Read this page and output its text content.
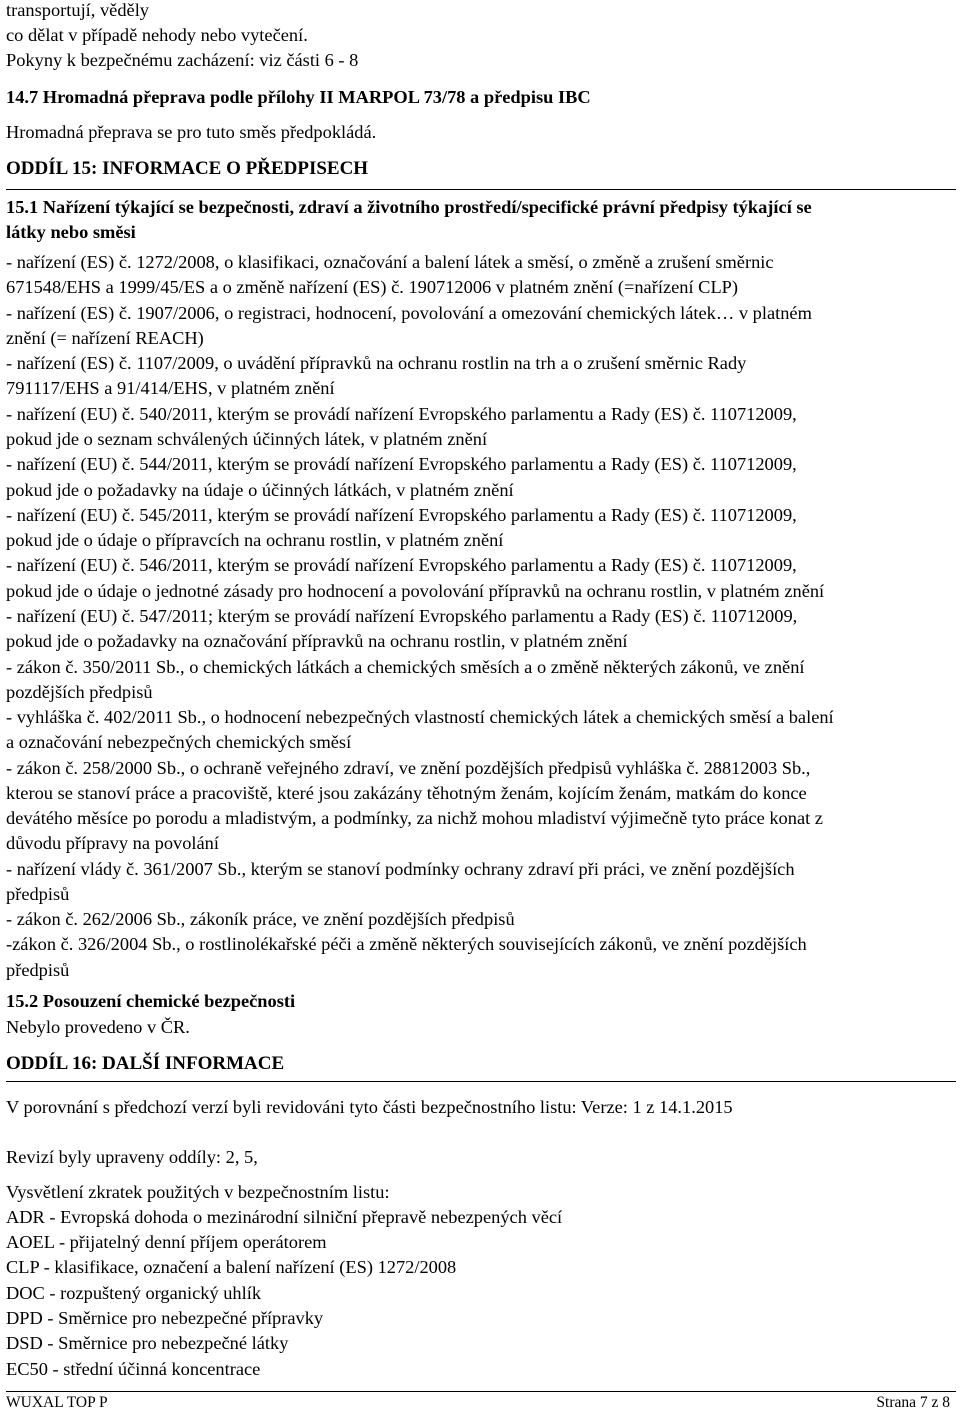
transportují, věděly
co dělat v případě nehody nebo vytečení.
Pokyny k bezpečnému zacházení: viz části 6 - 8
14.7 Hromadná přeprava podle přílohy II MARPOL 73/78 a předpisu IBC
Hromadná přeprava se pro tuto směs předpokládá.
ODDÍL 15: INFORMACE O PŘEDPISECH
15.1 Nařízení týkající se bezpečnosti, zdraví a životního prostředí/specifické právní předpisy týkající se
látky nebo směsi
- nařízení (ES) č. 1272/2008, o klasifikaci, označování a balení látek a směsí, o změně a zrušení směrnic
671548/EHS a 1999/45/ES a o změně nařízení (ES) č. 190712006 v platném znění (=nařízení CLP)
- nařízení (ES) č. 1907/2006, o registraci, hodnocení, povolování a omezování chemických látek… v platném
znění (= nařízení REACH)
- nařízení (ES) č. 1107/2009, o uvádění přípravků na ochranu rostlin na trh a o zrušení směrnic Rady
791117/EHS a 91/414/EHS, v platném znění
- nařízení (EU) č. 540/2011, kterým se provádí nařízení Evropského parlamentu a Rady (ES) č. 110712009,
pokud jde o seznam schválených účinných látek, v platném znění
- nařízení (EU) č. 544/2011, kterým se provádí nařízení Evropského parlamentu a Rady (ES) č. 110712009,
pokud jde o požadavky na údaje o účinných látkách, v platném znění
- nařízení (EU) č. 545/2011, kterým se provádí nařízení Evropského parlamentu a Rady (ES) č. 110712009,
pokud jde o údaje o přípravcích na ochranu rostlin, v platném znění
- nařízení (EU) č. 546/2011, kterým se provádí nařízení Evropského parlamentu a Rady (ES) č. 110712009,
pokud jde o údaje o jednotné zásady pro hodnocení a povolování přípravků na ochranu rostlin, v platném znění
- nařízení (EU) č. 547/2011; kterým se provádí nařízení Evropského parlamentu a Rady (ES) č. 110712009,
pokud jde o požadavky na označování přípravků na ochranu rostlin, v platném znění
- zákon č. 350/2011 Sb., o chemických látkách a chemických směsích a o změně některých zákonů, ve znění
pozdějších předpisů
- vyhláška č. 402/2011 Sb., o hodnocení nebezpečných vlastností chemických látek a chemických směsí a balení
a označování nebezpečných chemických směsí
- zákon č. 258/2000 Sb., o ochraně veřejného zdraví, ve znění pozdějších předpisů vyhláška č. 28812003 Sb.,
kterou se stanoví práce a pracoviště, které jsou zakázány těhotným ženám, kojícím ženám, matkám do konce
devátého měsíce po porodu a mladistvým, a podmínky, za nichž mohou mladiství výjimečně tyto práce konat z
důvodu přípravy na povolání
- nařízení vlády č. 361/2007 Sb., kterým se stanoví podmínky ochrany zdraví při práci, ve znění pozdějších
předpisů
- zákon č. 262/2006 Sb., zákoník práce, ve znění pozdějších předpisů
-zákon č. 326/2004 Sb., o rostlinolékařské péči a změně některých souvisejících zákonů, ve znění pozdějších
předpisů
15.2 Posouzení chemické bezpečnosti
Nebylo provedeno v ČR.
ODDÍL 16: DALŠÍ INFORMACE
V porovnání s předchozí verzí byli revidováni tyto části bezpečnostního listu: Verze: 1 z 14.1.2015
Revizí byly upraveny oddíly: 2, 5,
Vysvětlení zkratek použitých v bezpečnostním listu:
ADR - Evropská dohoda o mezinárodní silniční přepravě nebezpených věcí
AOEL - přijatelný denní příjem operátorem
CLP - klasifikace, označení a balení nařízení (ES) 1272/2008
DOC - rozpuštený organický uhlík
DPD - Směrnice pro nebezpečné přípravky
DSD - Směrnice pro nebezpečné látky
EC50 - střední účinná koncentrace
WUXAL TOP P	Strana 7 z 8
